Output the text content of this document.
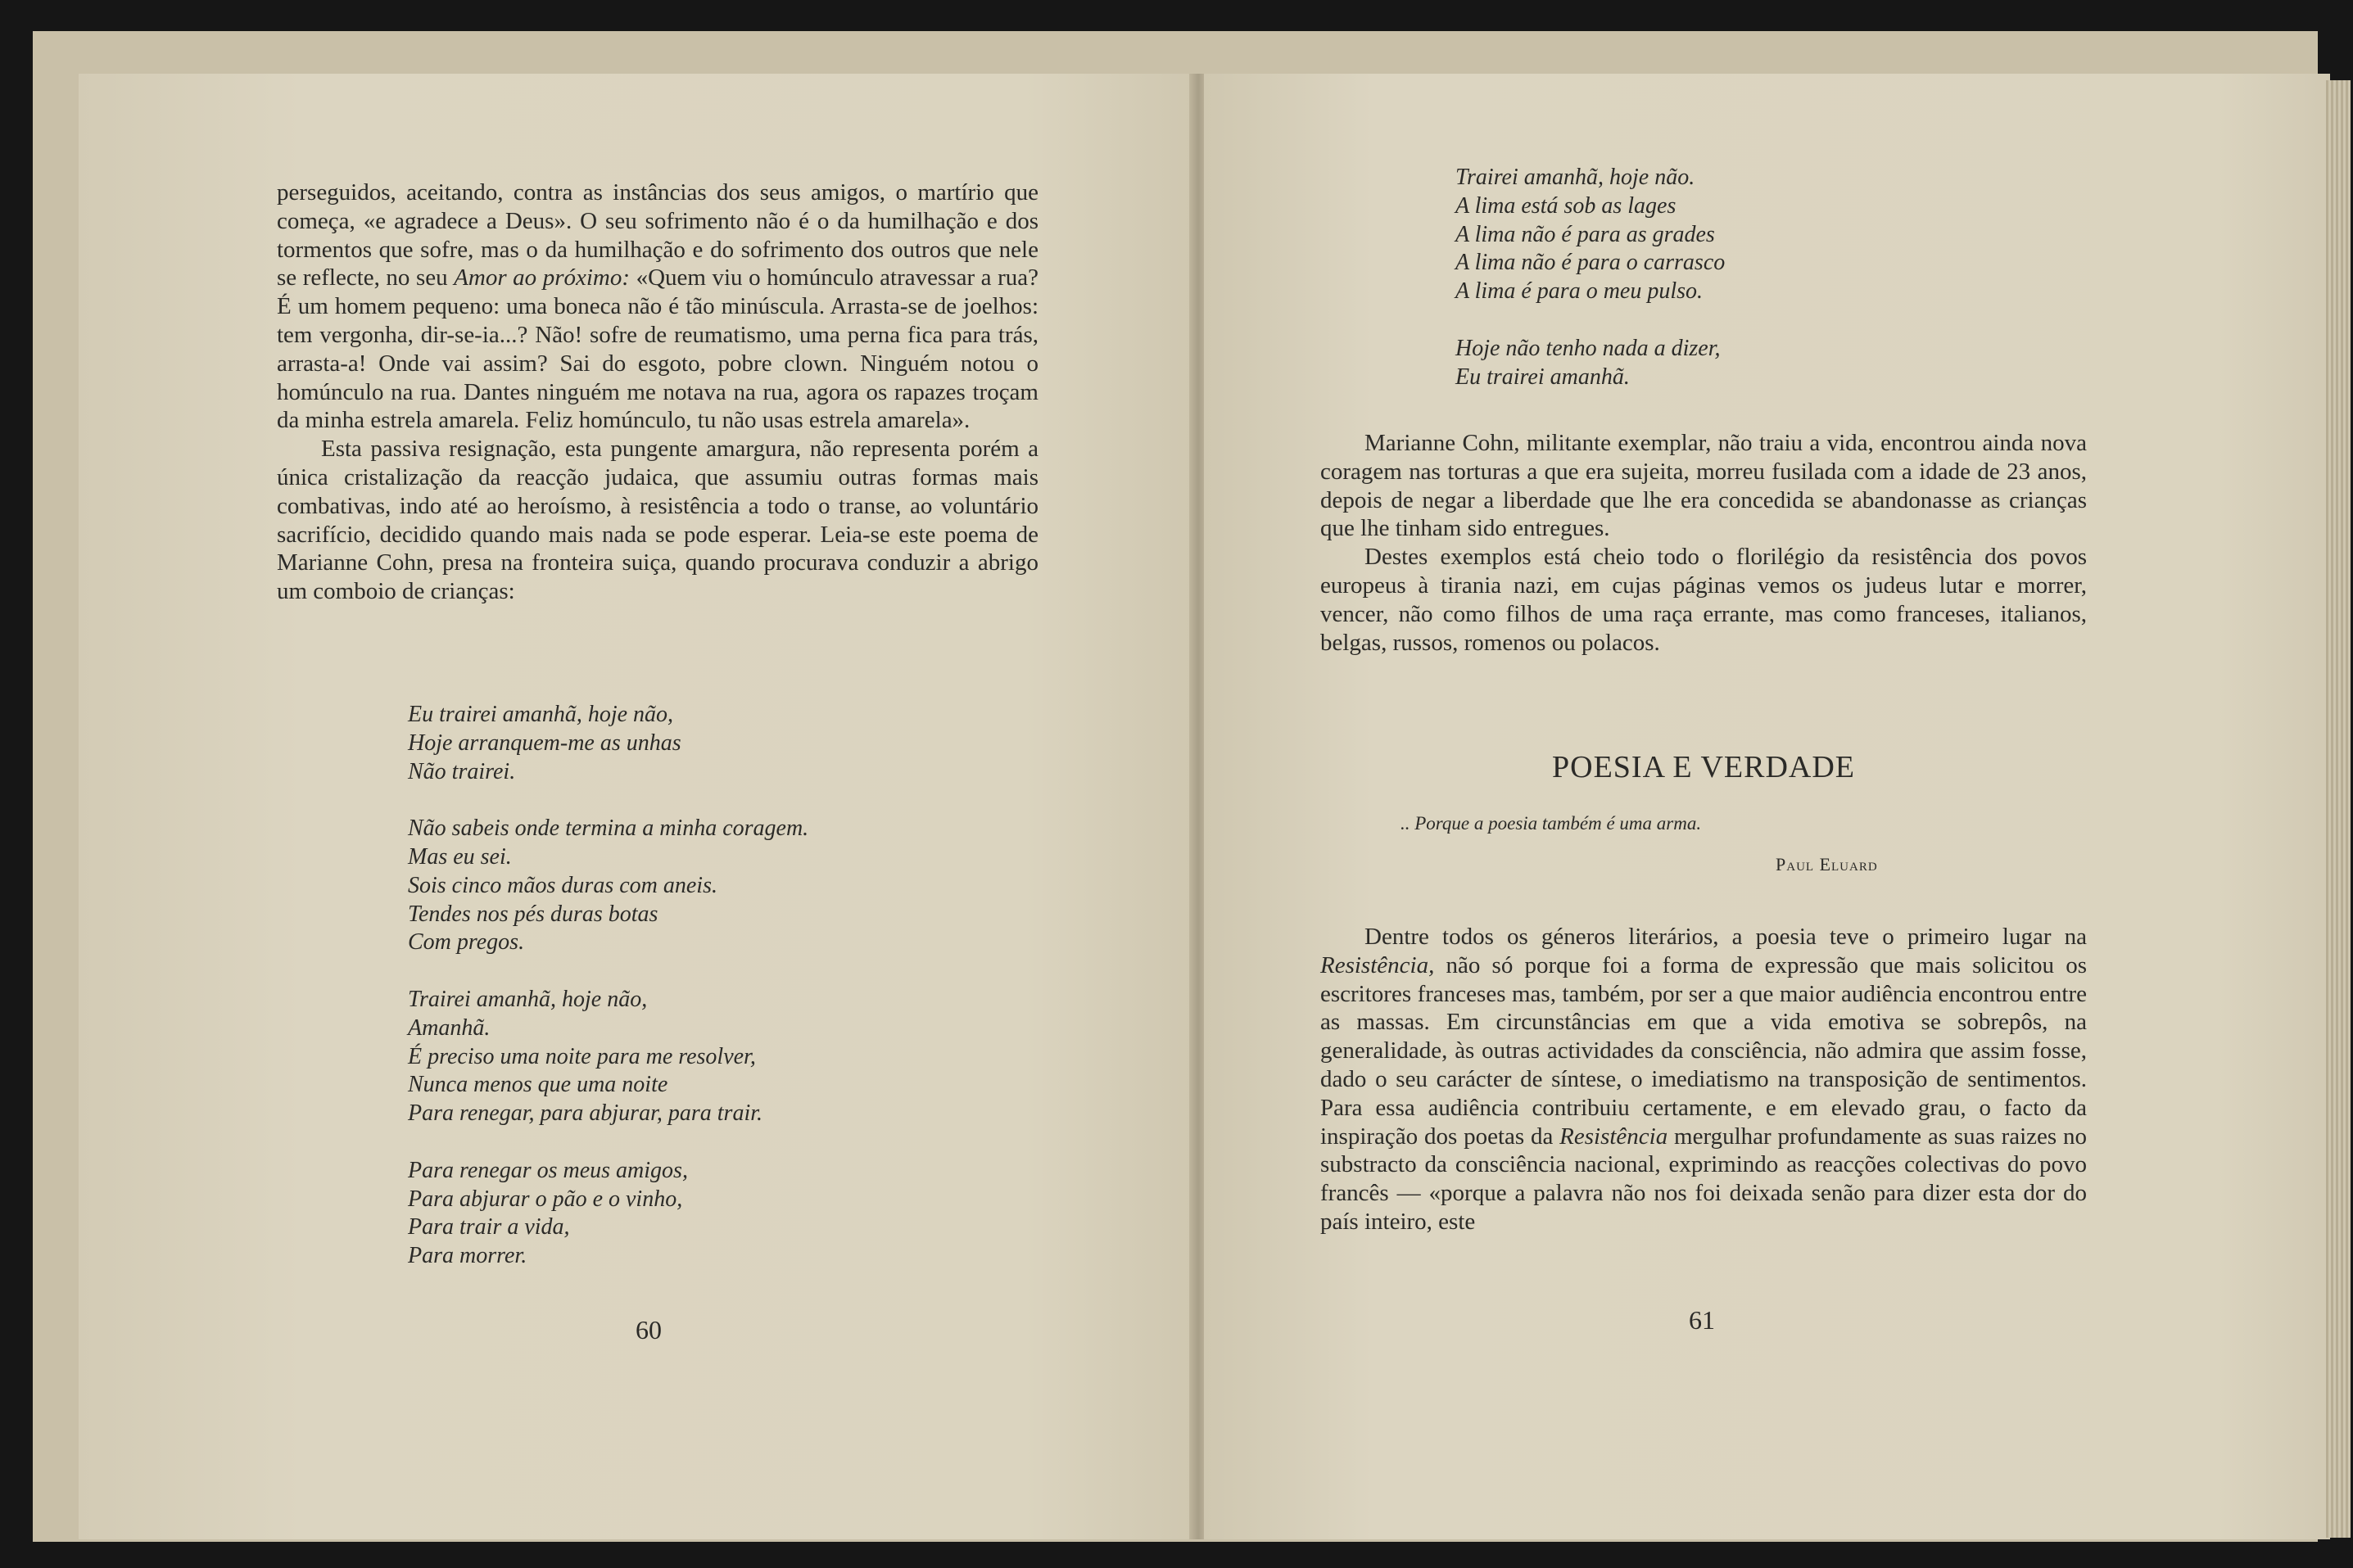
perseguidos, aceitando, contra as instâncias dos seus amigos, o martírio que começa, «e agradece a Deus». O seu sofrimento não é o da humilhação e dos tormentos que sofre, mas o da humilhação e do sofrimento dos outros que nele se reflecte, no seu Amor ao próximo: «Quem viu o homúnculo atravessar a rua? É um homem pequeno: uma boneca não é tão minúscula. Arrasta-se de joelhos: tem vergonha, dir-se-ia...? Não! sofre de reumatismo, uma perna fica para trás, arrasta-a! Onde vai assim? Sai do esgoto, pobre clown. Ninguém notou o homúnculo na rua. Dantes ninguém me notava na rua, agora os rapazes troçam da minha estrela amarela. Feliz homúnculo, tu não usas estrela amarela».

Esta passiva resignação, esta pungente amargura, não representa porém a única cristalização da reacção judaica, que assumiu outras formas mais combativas, indo até ao heroísmo, à resistência a todo o transe, ao voluntário sacrifício, decidido quando mais nada se pode esperar. Leia-se este poema de Marianne Cohn, presa na fronteira suiça, quando procurava conduzir a abrigo um comboio de crianças:

Eu trairei amanhã, hoje não,
Hoje arranquem-me as unhas
Não trairei.
Não sabeis onde termina a minha coragem.
Mas eu sei.
Sois cinco mãos duras com aneis.
Tendes nos pés duras botas
Com pregos.
Trairei amanhã, hoje não,
Amanhã.
É preciso uma noite para me resolver,
Nunca menos que uma noite
Para renegar, para abjurar, para trair.
Para renegar os meus amigos,
Para abjurar o pão e o vinho,
Para trair a vida,
Para morrer.
60
Trairei amanhã, hoje não.
A lima está sob as lages
A lima não é para as grades
A lima não é para o carrasco
A lima é para o meu pulso.
Hoje não tenho nada a dizer,
Eu trairei amanhã.

Marianne Cohn, militante exemplar, não traiu a vida, encontrou ainda nova coragem nas torturas a que era sujeita, morreu fusilada com a idade de 23 anos, depois de negar a liberdade que lhe era concedida se abandonasse as crianças que lhe tinham sido entregues.

Destes exemplos está cheio todo o florilégio da resistência dos povos europeus à tirania nazi, em cujas páginas vemos os judeus lutar e morrer, vencer, não como filhos de uma raça errante, mas como franceses, italianos, belgas, russos, romenos ou polacos.

POESIA E VERDADE
.. Porque a poesia também é uma arma.
Paul Eluard

Dentre todos os géneros literários, a poesia teve o primeiro lugar na Resistência, não só porque foi a forma de expressão que mais solicitou os escritores franceses mas, também, por ser a que maior audiência encontrou entre as massas. Em circunstâncias em que a vida emotiva se sobrepôs, na generalidade, às outras actividades da consciência, não admira que assim fosse, dado o seu carácter de síntese, o imediatismo na transposição de sentimentos. Para essa audiência contribuiu certamente, e em elevado grau, o facto da inspiração dos poetas da Resistência mergulhar profundamente as suas raizes no substracto da consciência nacional, exprimindo as reacções colectivas do povo francês — «porque a palavra não nos foi deixada senão para dizer esta dor do país inteiro, este

61
